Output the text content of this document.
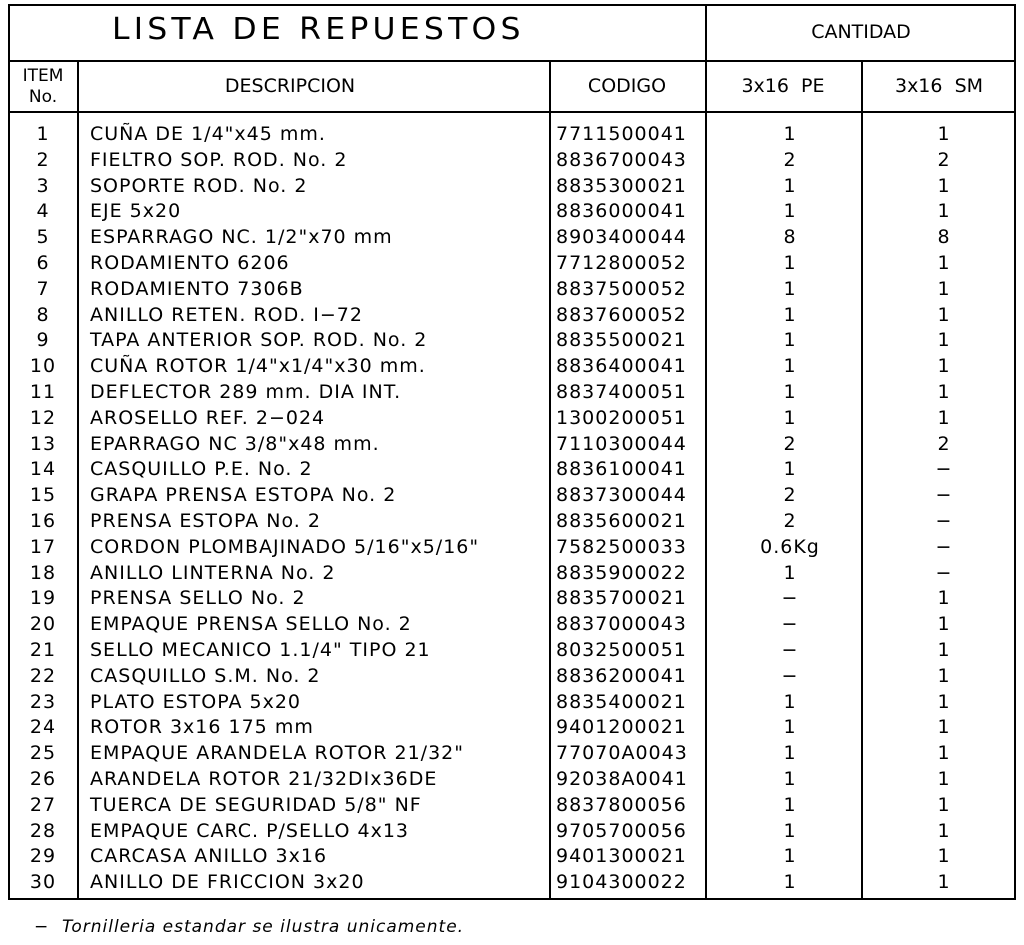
LISTA DE REPUESTOS	CANTIDAD
ITEM
No.	DESCRIPCION	CODIGO	3x16  PE	3x16  SM
1 CUÑA DE 1/4"x45 mm.	7711500041	1	1
2 FIELTRO SOP. ROD. No. 2	8836700043	2	2
3 SOPORTE ROD. No. 2	8835300021	1	1
4 EJE 5x20	8836000041	1	1
5 ESPARRAGO NC. 1/2"x70 mm	8903400044	8	8
6 RODAMIENTO 6206	7712800052	1	1
7 RODAMIENTO 7306B	8837500052	1	1
8 ANILLO RETEN. ROD. I−72	8837600052	1	1
9 TAPA ANTERIOR SOP. ROD. No. 2	8835500021	1	1
10 CUÑA ROTOR 1/4"x1/4"x30 mm.	8836400041	1	1
11 DEFLECTOR 289 mm. DIA INT.	8837400051	1	1
12 AROSELLO REF. 2−024	1300200051	1	1
13 EPARRAGO NC 3/8"x48 mm.	7110300044	2	2
14 CASQUILLO P.E. No. 2	8836100041	1	−
15 GRAPA PRENSA ESTOPA No. 2	8837300044	2	−
16 PRENSA ESTOPA No. 2	8835600021	2	−
17 CORDON PLOMBAJINADO 5/16"x5/16"	7582500033	0.6Kg	−
18 ANILLO LINTERNA No. 2	8835900022	1	−
19 PRENSA SELLO No. 2	8835700021	−	1
20 EMPAQUE PRENSA SELLO No. 2	8837000043	−	1
21 SELLO MECANICO 1.1/4" TIPO 21	8032500051	−	1
22 CASQUILLO S.M. No. 2	8836200041	−	1
23 PLATO ESTOPA 5x20	8835400021	1	1
24 ROTOR 3x16 175 mm	9401200021	1	1
25 EMPAQUE ARANDELA ROTOR 21/32"	77070A0043	1	1
26 ARANDELA ROTOR 21/32DIx36DE	92038A0041	1	1
27 TUERCA DE SEGURIDAD 5/8" NF	8837800056	1	1
28 EMPAQUE CARC. P/SELLO 4x13	9705700056	1	1
29 CARCASA ANILLO 3x16	9401300021	1	1
30 ANILLO DE FRICCION 3x20	9104300022	1	1
−  Tornilleria estandar se ilustra unicamente.
